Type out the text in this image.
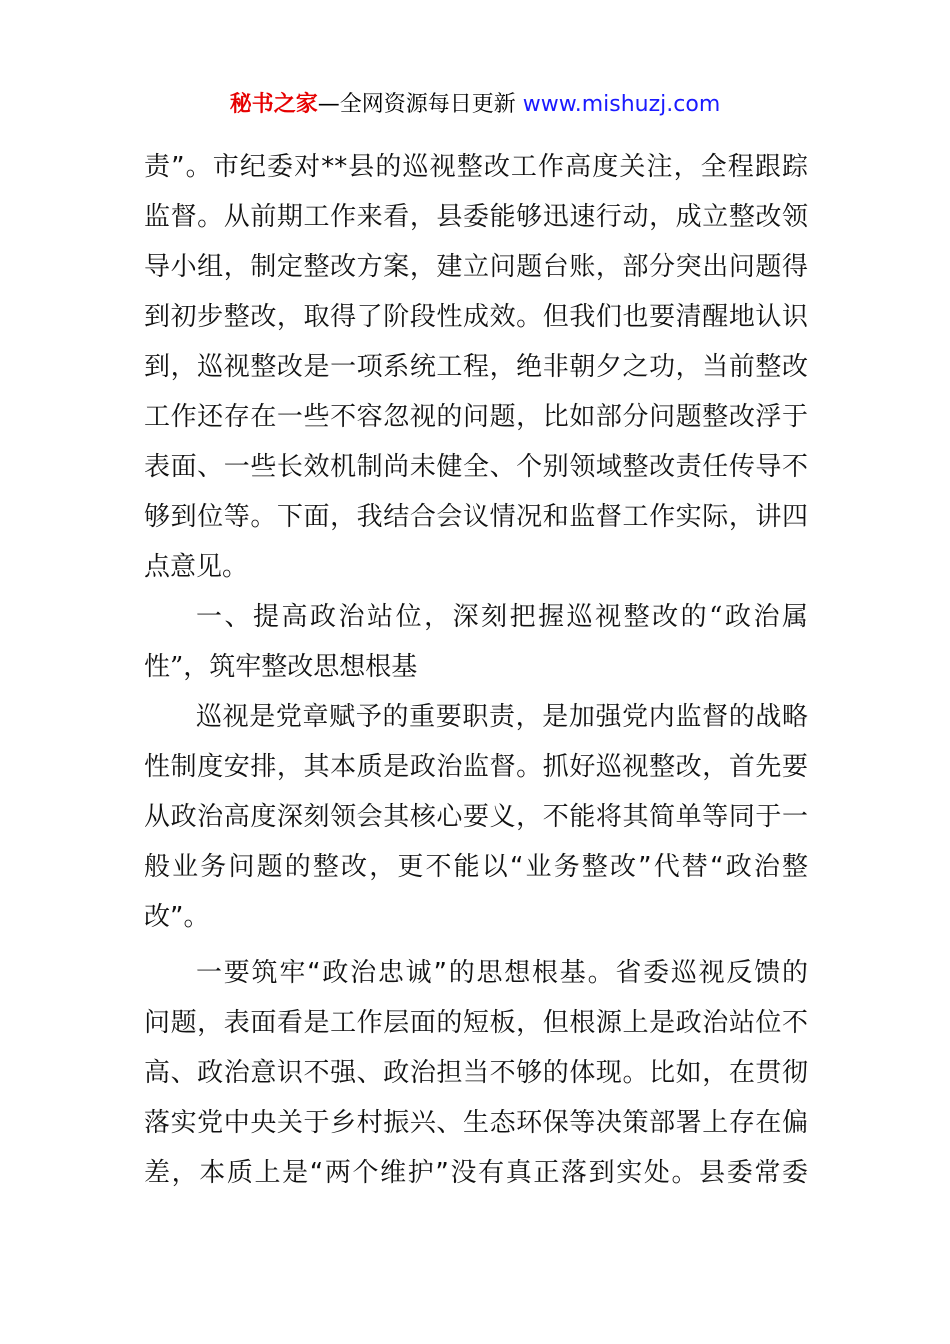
秘书之家—全网资源每日更新 www.mishuzj.com
责”。市纪委对**县的巡视整改工作高度关注，全程跟踪
监督。从前期工作来看，县委能够迅速行动，成立整改领
导小组，制定整改方案，建立问题台账，部分突出问题得
到初步整改，取得了阶段性成效。但我们也要清醒地认识
到，巡视整改是一项系统工程，绝非朝夕之功，当前整改
工作还存在一些不容忽视的问题，比如部分问题整改浮于
表面、一些长效机制尚未健全、个别领域整改责任传导不
够到位等。下面，我结合会议情况和监督工作实际，讲四
点意见。
一、提高政治站位，深刻把握巡视整改的“政治属
性”，筑牢整改思想根基
巡视是党章赋予的重要职责，是加强党内监督的战略
性制度安排，其本质是政治监督。抓好巡视整改，首先要
从政治高度深刻领会其核心要义，不能将其简单等同于一
般业务问题的整改，更不能以“业务整改”代替“政治整
改”。
一要筑牢“政治忠诚”的思想根基。省委巡视反馈的
问题，表面看是工作层面的短板，但根源上是政治站位不
高、政治意识不强、政治担当不够的体现。比如，在贯彻
落实党中央关于乡村振兴、生态环保等决策部署上存在偏
差，本质上是“两个维护”没有真正落到实处。县委常委
